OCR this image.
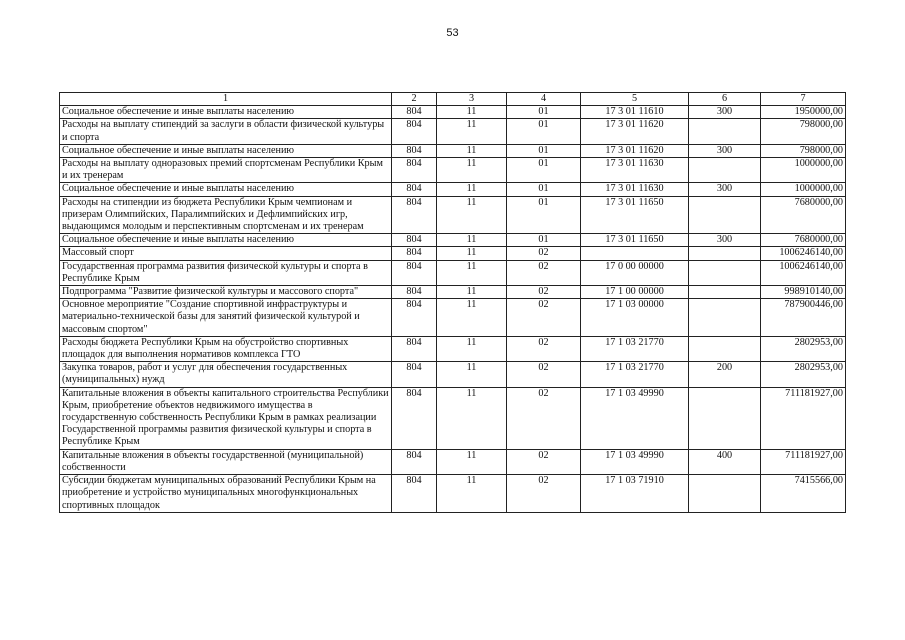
53
1	2	3	4	5	6	7
Социальное обеспечение и иные выплаты населению	804	11	01	17 3 01 11610	300	1950000,00
Расходы на выплату стипендий за заслуги в области физической культуры и спорта	804	11	01	17 3 01 11620		798000,00
Социальное обеспечение и иные выплаты населению	804	11	01	17 3 01 11620	300	798000,00
Расходы на выплату одноразовых премий спортсменам Республики Крым и их тренерам	804	11	01	17 3 01 11630		1000000,00
Социальное обеспечение и иные выплаты населению	804	11	01	17 3 01 11630	300	1000000,00
Расходы на стипендии из бюджета Республики Крым чемпионам и призерам Олимпийских, Паралимпийских и Дефлимпийских игр, выдающимся молодым и перспективным спортсменам и их тренерам	804	11	01	17 3 01 11650		7680000,00
Социальное обеспечение и иные выплаты населению	804	11	01	17 3 01 11650	300	7680000,00
Массовый спорт	804	11	02			1006246140,00
Государственная программа развития физической культуры и спорта в Республике Крым	804	11	02	17 0 00 00000		1006246140,00
Подпрограмма "Развитие физической культуры и массового спорта"	804	11	02	17 1 00 00000		998910140,00
Основное мероприятие "Создание спортивной инфраструктуры и материально-технической базы для занятий физической культурой и массовым спортом"	804	11	02	17 1 03 00000		787900446,00
Расходы бюджета Республики Крым на обустройство спортивных площадок для выполнения нормативов комплекса ГТО	804	11	02	17 1 03 21770		2802953,00
Закупка товаров, работ и услуг для обеспечения государственных (муниципальных) нужд	804	11	02	17 1 03 21770	200	2802953,00
Капитальные вложения в объекты капитального строительства Республики Крым, приобретение объектов недвижимого имущества в государственную собственность Республики Крым в рамках реализации Государственной программы развития физической культуры и спорта в Республике Крым	804	11	02	17 1 03 49990		711181927,00
Капитальные вложения в объекты государственной (муниципальной) собственности	804	11	02	17 1 03 49990	400	711181927,00
Субсидии бюджетам муниципальных образований Республики Крым на приобретение и устройство муниципальных многофункциональных спортивных площадок	804	11	02	17 1 03 71910		7415566,00
